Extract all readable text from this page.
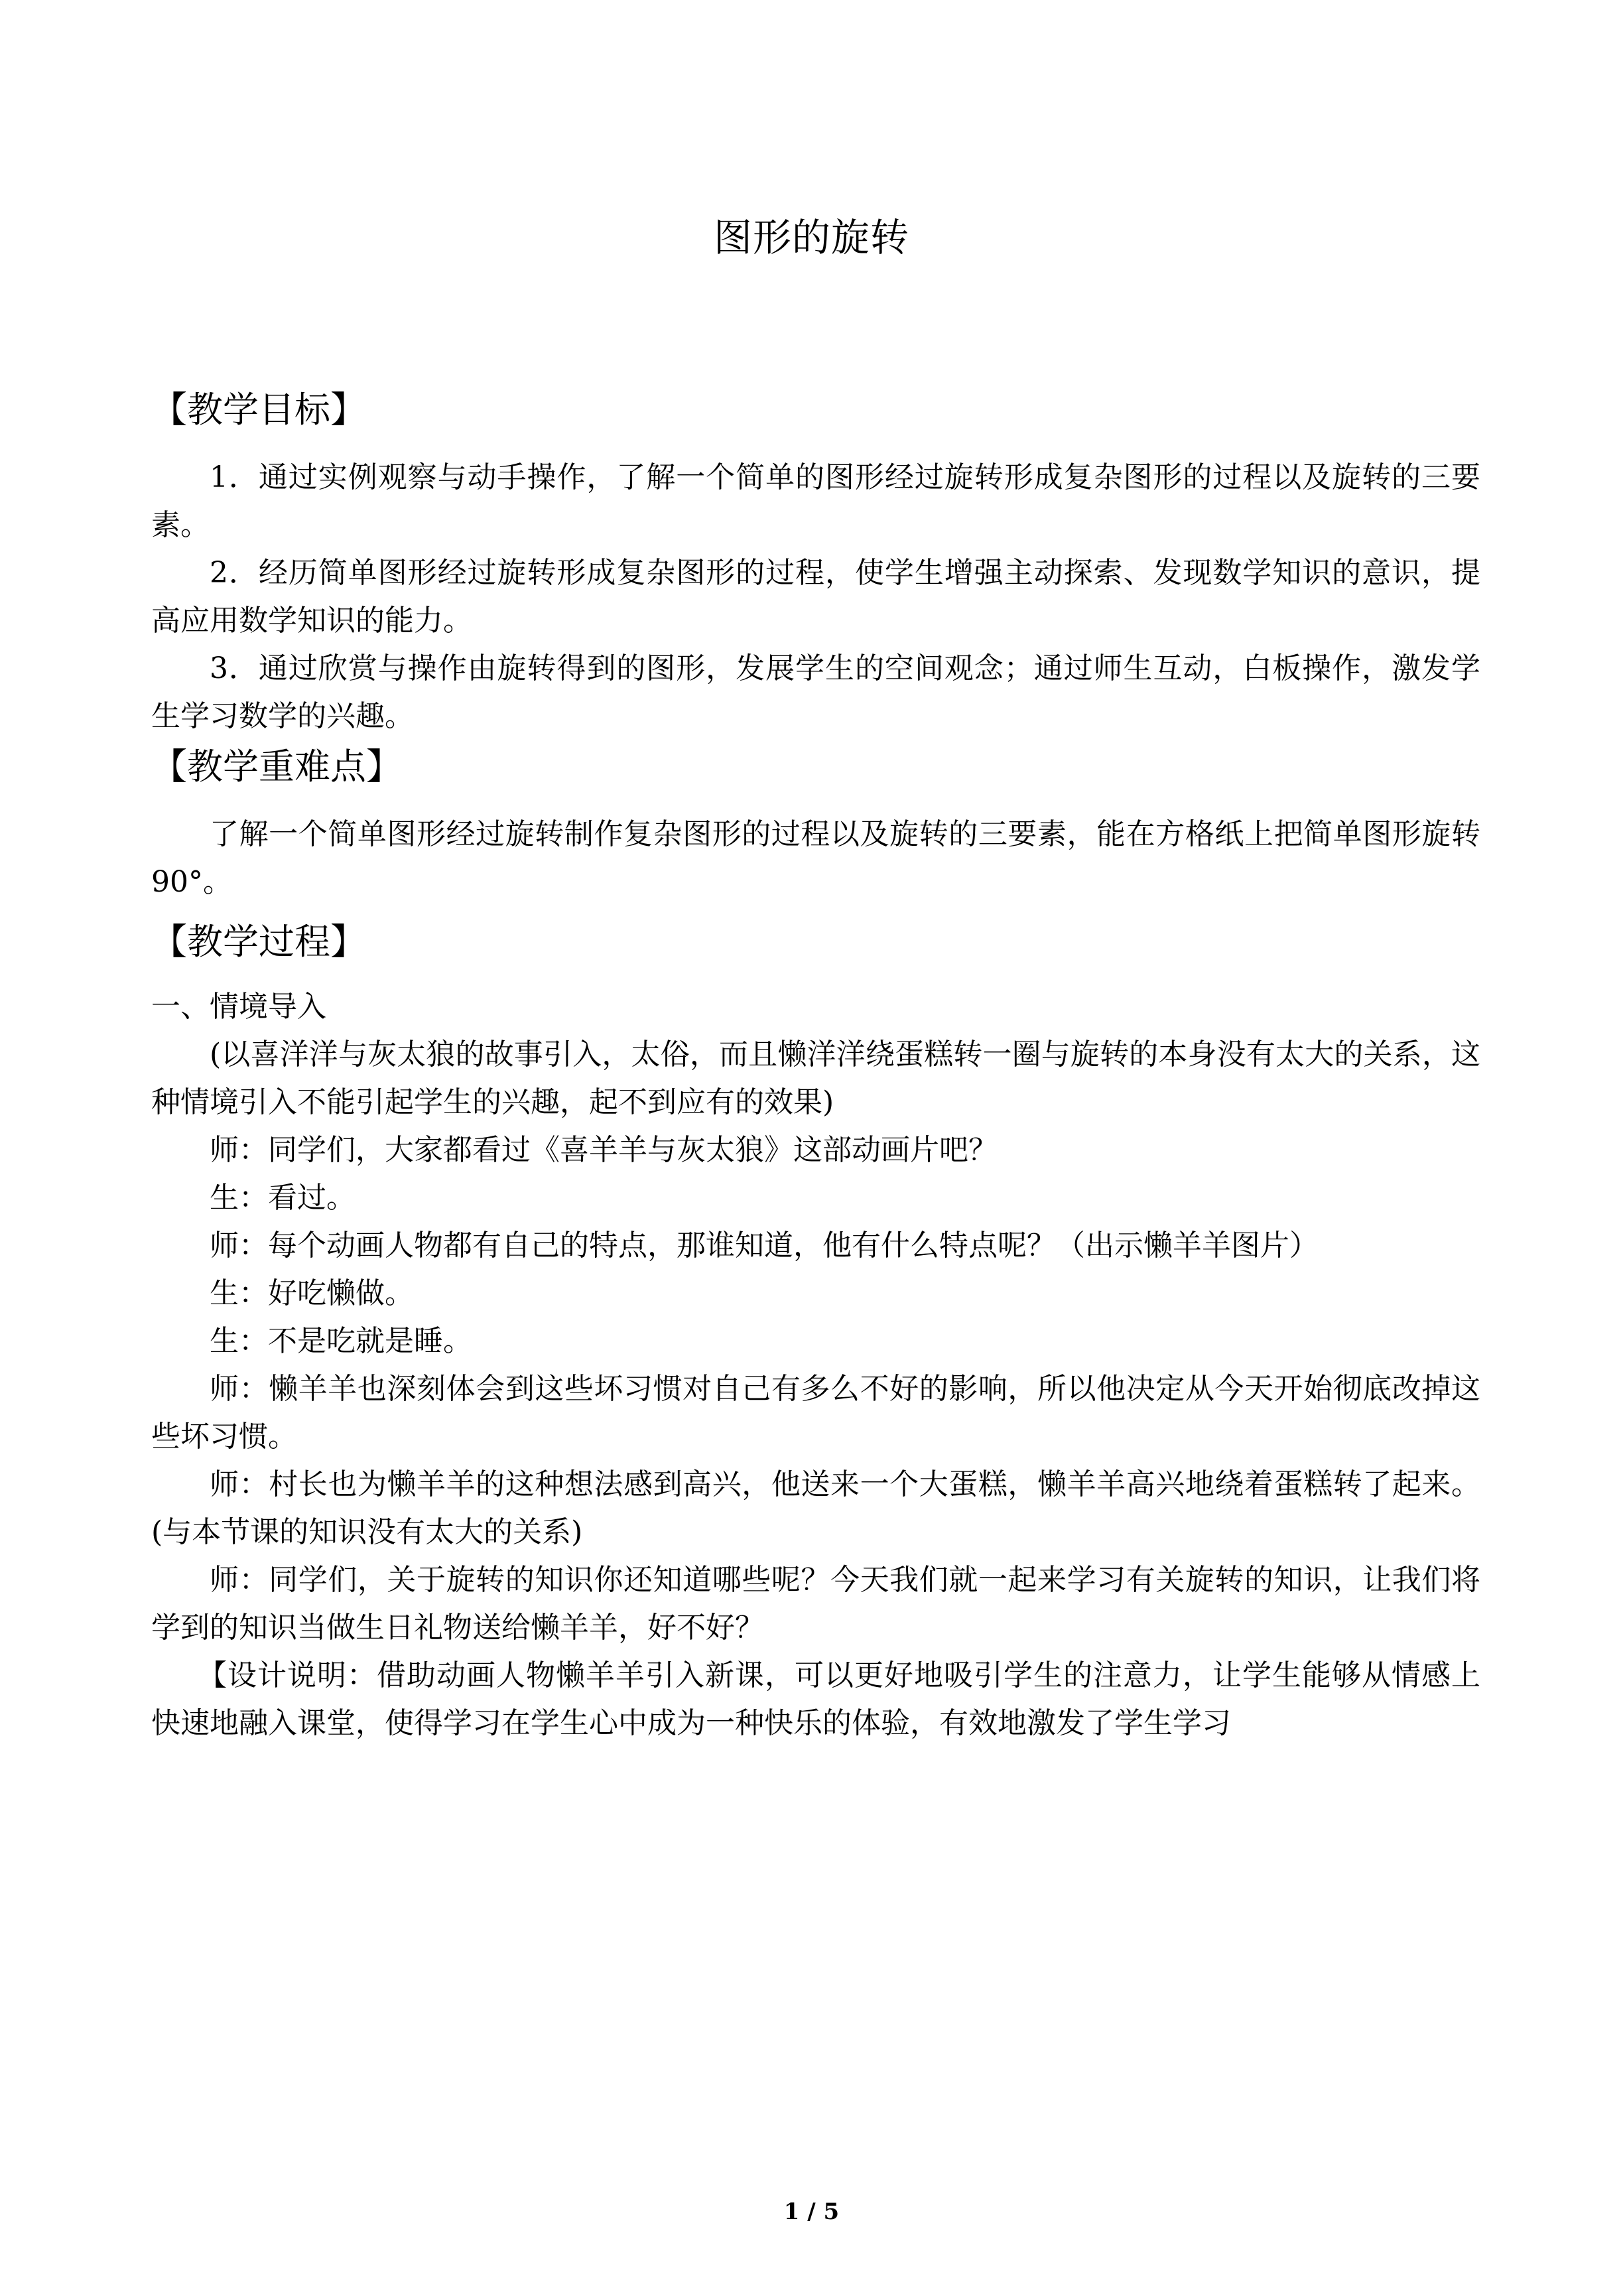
图形的旋转

【教学目标】

1．通过实例观察与动手操作，了解一个简单的图形经过旋转形成复杂图形的过程以及旋转的三要素。

2．经历简单图形经过旋转形成复杂图形的过程，使学生增强主动探索、发现数学知识的意识，提高应用数学知识的能力。

3．通过欣赏与操作由旋转得到的图形，发展学生的空间观念；通过师生互动，白板操作，激发学生学习数学的兴趣。

【教学重难点】

了解一个简单图形经过旋转制作复杂图形的过程以及旋转的三要素，能在方格纸上把简单图形旋转 90°。

【教学过程】

一、情境导入

(以喜洋洋与灰太狼的故事引入，太俗，而且懒洋洋绕蛋糕转一圈与旋转的本身没有太大的关系，这种情境引入不能引起学生的兴趣，起不到应有的效果)

师：同学们，大家都看过《喜羊羊与灰太狼》这部动画片吧？

生：看过。

师：每个动画人物都有自己的特点，那谁知道，他有什么特点呢？（出示懒羊羊图片）

生：好吃懒做。

生：不是吃就是睡。

师：懒羊羊也深刻体会到这些坏习惯对自己有多么不好的影响，所以他决定从今天开始彻底改掉这些坏习惯。

师：村长也为懒羊羊的这种想法感到高兴，他送来一个大蛋糕，懒羊羊高兴地绕着蛋糕转了起来。(与本节课的知识没有太大的关系)

师：同学们，关于旋转的知识你还知道哪些呢？今天我们就一起来学习有关旋转的知识，让我们将学到的知识当做生日礼物送给懒羊羊，好不好？

【设计说明：借助动画人物懒羊羊引入新课，可以更好地吸引学生的注意力，让学生能够从情感上快速地融入课堂，使得学习在学生心中成为一种快乐的体验，有效地激发了学生学习

1 / 5
